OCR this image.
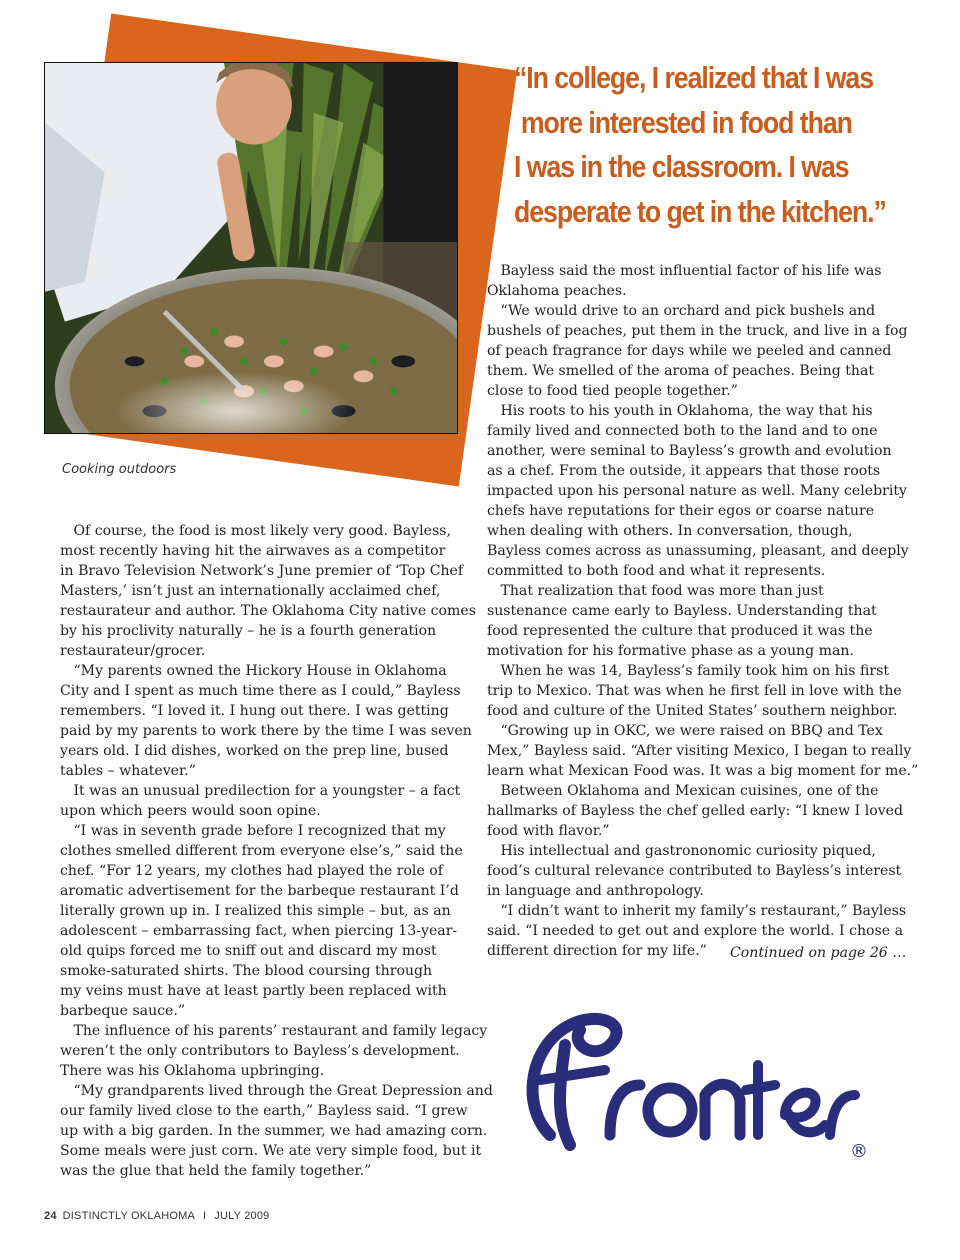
Cooking outdoors
“In college, I realized that I was
more interested in food than
I was in the classroom. I was
desperate to get in the kitchen.”
Of course, the food is most likely very good. Bayless,
most recently having hit the airwaves as a competitor
in Bravo Television Network’s June premier of ‘Top Chef
Masters,’ isn’t just an internationally acclaimed chef,
restaurateur and author. The Oklahoma City native comes
by his proclivity naturally – he is a fourth generation
restaurateur/grocer.
“My parents owned the Hickory House in Oklahoma
City and I spent as much time there as I could,” Bayless
remembers. “I loved it. I hung out there. I was getting
paid by my parents to work there by the time I was seven
years old. I did dishes, worked on the prep line, bused
tables – whatever.”
It was an unusual predilection for a youngster – a fact
upon which peers would soon opine.
“I was in seventh grade before I recognized that my
clothes smelled different from everyone else’s,” said the
chef. “For 12 years, my clothes had played the role of
aromatic advertisement for the barbeque restaurant I’d
literally grown up in. I realized this simple – but, as an
adolescent – embarrassing fact, when piercing 13-year-
old quips forced me to sniff out and discard my most
smoke-saturated shirts. The blood coursing through
my veins must have at least partly been replaced with
barbeque sauce.”
The influence of his parents’ restaurant and family legacy
weren’t the only contributors to Bayless’s development.
There was his Oklahoma upbringing.
“My grandparents lived through the Great Depression and
our family lived close to the earth,” Bayless said. “I grew
up with a big garden. In the summer, we had amazing corn.
Some meals were just corn. We ate very simple food, but it
was the glue that held the family together.”
Bayless said the most influential factor of his life was
Oklahoma peaches.
“We would drive to an orchard and pick bushels and
bushels of peaches, put them in the truck, and live in a fog
of peach fragrance for days while we peeled and canned
them. We smelled of the aroma of peaches. Being that
close to food tied people together.”
His roots to his youth in Oklahoma, the way that his
family lived and connected both to the land and to one
another, were seminal to Bayless’s growth and evolution
as a chef. From the outside, it appears that those roots
impacted upon his personal nature as well. Many celebrity
chefs have reputations for their egos or coarse nature
when dealing with others. In conversation, though,
Bayless comes across as unassuming, pleasant, and deeply
committed to both food and what it represents.
That realization that food was more than just
sustenance came early to Bayless. Understanding that
food represented the culture that produced it was the
motivation for his formative phase as a young man.
When he was 14, Bayless’s family took him on his first
trip to Mexico. That was when he first fell in love with the
food and culture of the United States’ southern neighbor.
“Growing up in OKC, we were raised on BBQ and Tex
Mex,” Bayless said. “After visiting Mexico, I began to really
learn what Mexican Food was. It was a big moment for me.”
Between Oklahoma and Mexican cuisines, one of the
hallmarks of Bayless the chef gelled early: “I knew I loved
food with flavor.”
His intellectual and gastrononomic curiosity piqued,
food’s cultural relevance contributed to Bayless’s interest
in language and anthropology.
“I didn’t want to inherit my family’s restaurant,” Bayless
said. “I needed to get out and explore the world. I chose a
different direction for my life.”	Continued on page 26 …
®
24 DISTINCTLY OKLAHOMA I JULY 2009
